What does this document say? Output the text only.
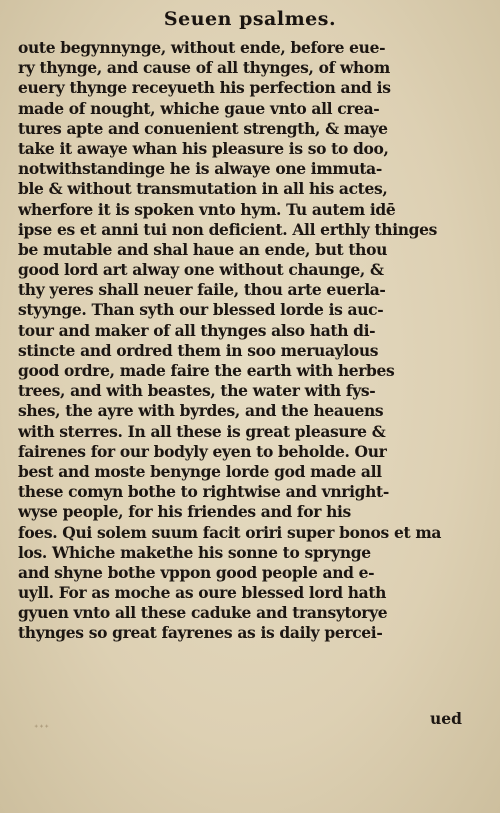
Seuen psalmes.
oute begynnynge, without ende, before eue-
ry thynge, and cause of all thynges, of whom
euery thynge receyueth his perfection and is
made of nought, whiche gaue vnto all crea-
tures apte and conuenient strength, & maye
take it awaye whan his pleasure is so to doo,
notwithstandinge he is alwaye one immuta-
ble & without transmutation in all his actes,
wherfore it is spoken vnto hym. Tu autem idē
ipse es et anni tui non deficient. All erthly thinges
be mutable and shal haue an ende, but thou
good lord art alway one without chaunge, &
thy yeres shall neuer faile, thou arte euerla-
styynge. Than syth our blessed lorde is auc-
tour and maker of all thynges also hath di-
stincte and ordred them in soo meruaylous
good ordre, made faire the earth with herbes
trees, and with beastes, the water with fys-
shes, the ayre with byrdes, and the heauens
with sterres. In all these is great pleasure &
fairenes for our bodyly eyen to beholde. Our
best and moste benynge lorde god made all
these comyn bothe to rightwise and vnright-
wyse people, for his friendes and for his
foes. Qui solem suum facit oriri super bonos et ma
los. Whiche makethe his sonne to sprynge
and shyne bothe vppon good people and e-
uyll. For as moche as oure blessed lord hath
gyuen vnto all these caduke and transytorye
thynges so great fayrenes as is daily percei-
ued
ᐩᐩᐩ
